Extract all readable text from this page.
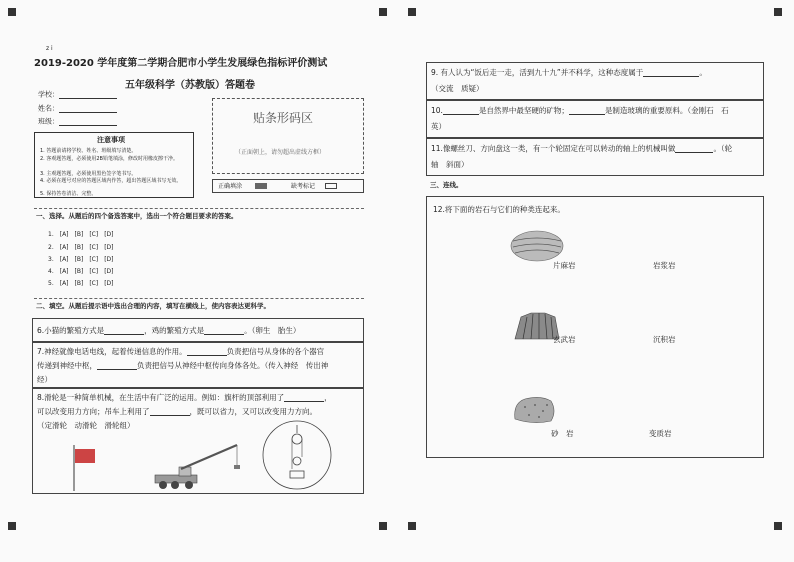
z i
2019-2020 学年度第二学期合肥市小学生发展绿色指标评价测试
五年级科学（苏教版）答题卷
学校：
姓名：
班级：
注意事项
1. 答题前请将学校、姓名、班级填写清楚。
2. 客观题答题，必须使用2B铅笔填涂，修改时用橡皮擦干净。
3. 主观题答题，必须使用黑色签字笔书写。
4. 必须在题号对应的答题区域内作答，超出答题区域书写无效。
5. 保持答卷清洁、完整。
贴条形码区
（正面朝上，请勿超出虚线方框）
正确填涂	缺考标记
一、选择。从题后的四个备选答案中，选出一个符合题目要求的答案。
1. [A] [B] [C] [D]
2. [A] [B] [C] [D]
3. [A] [B] [C] [D]
4. [A] [B] [C] [D]
5. [A] [B] [C] [D]
二、填空。从题后提示语中选出合理的内容，填写在横线上，使内容表达更科学。
6.小猫的繁殖方式是	，鸡的繁殖方式是	。（卵生　胎生）
7.神经就像电话电线，起着传递信息的作用。	负责把信号从身体的各个器官
传递到神经中枢，	负责把信号从神经中枢传向身体各处。（传入神经　传出神
经）
8.滑轮是一种简单机械，在生活中有广泛的运用。例如：旗杆的顶部利用了	，
可以改变用力方向；吊车上利用了	，既可以省力，又可以改变用力方向。
（定滑轮　动滑轮　滑轮组）
9. 有人认为“饭后走一走，活到九十九”并不科学，这种态度属于	。
（交流　质疑）
10.	是自然界中最坚硬的矿物；	是制造玻璃的重要原料。（金刚石　石
英）
11.像螺丝刀、方向盘这一类，有一个轮固定在可以转动的轴上的机械叫做	。（轮
轴　斜面）
三、连线。
12.将下面的岩石与它们的种类连起来。
片麻岩	岩浆岩
玄武岩	沉积岩
砂　岩	变质岩
